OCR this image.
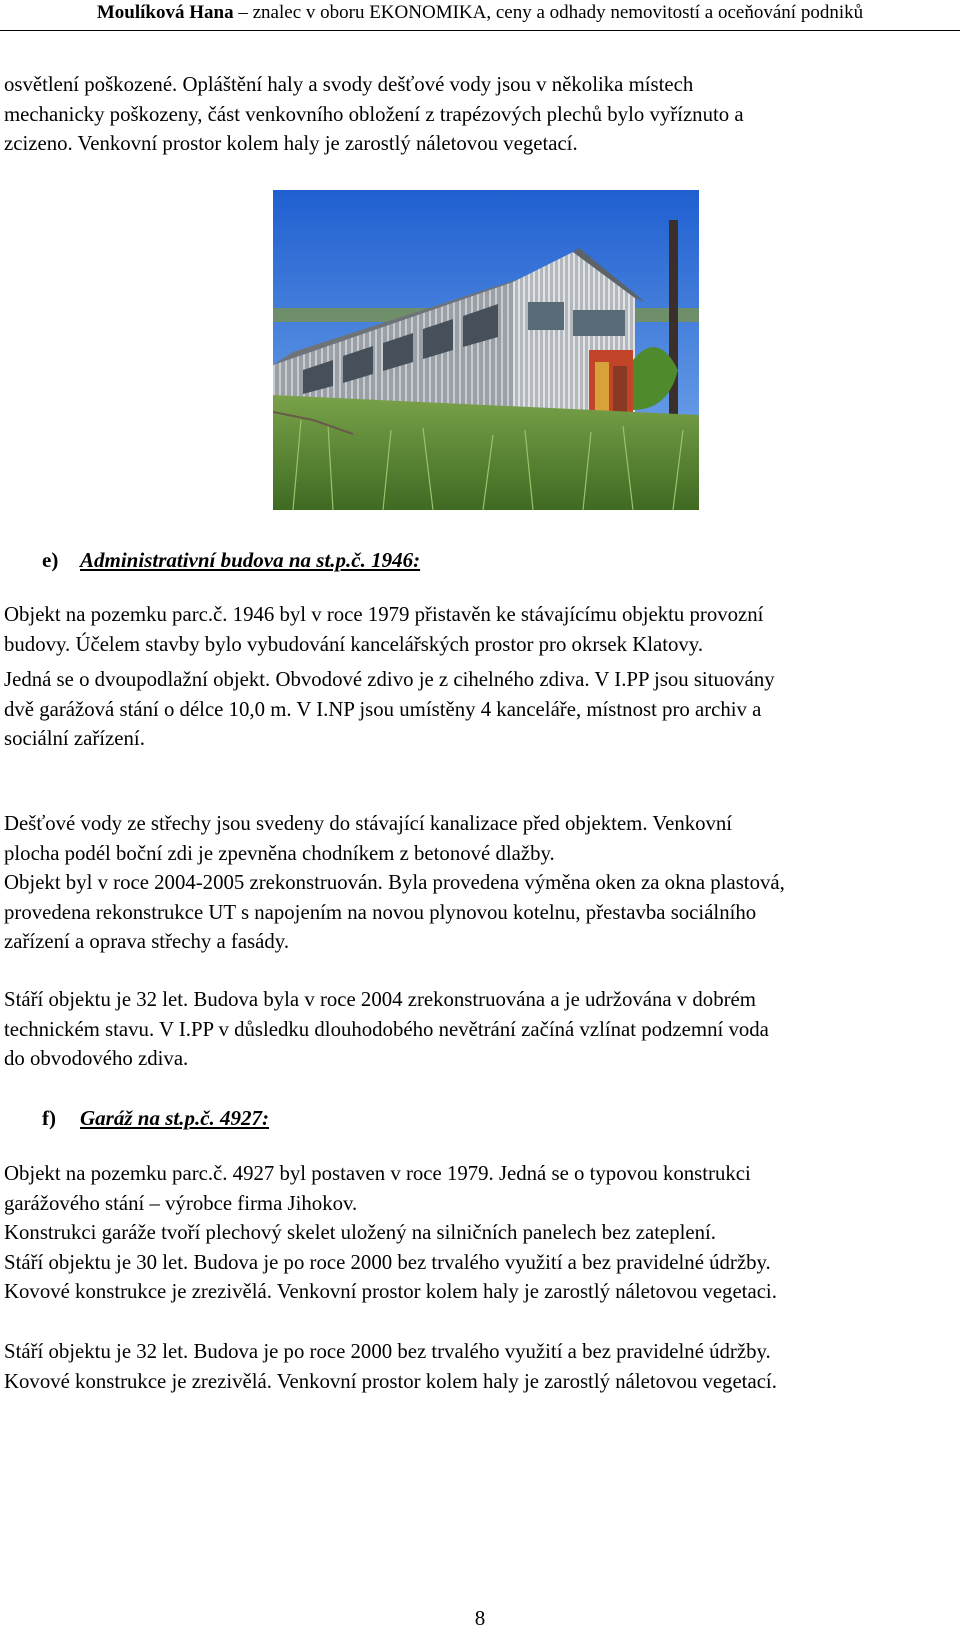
Moulíková Hana – znalec v oboru EKONOMIKA, ceny a odhady nemovitostí a oceňování podniků
osvětlení poškozené. Opláštění haly a svody dešťové vody jsou v několika místech
mechanicky poškozeny, část venkovního obložení z trapézových plechů bylo vyříznuto a
zcizeno. Venkovní prostor kolem haly je zarostlý náletovou vegetací.
e) Administrativní budova na st.p.č. 1946:
Objekt na pozemku parc.č. 1946 byl v roce 1979 přistavěn ke stávajícímu objektu provozní
budovy. Účelem stavby bylo vybudování kancelářských prostor pro okrsek Klatovy.
Jedná se o dvoupodlažní objekt. Obvodové zdivo je z cihelného zdiva. V I.PP jsou situovány
dvě garážová stání o délce 10,0 m. V I.NP jsou umístěny 4 kanceláře, místnost pro archiv a
sociální zařízení.
Dešťové vody ze střechy jsou svedeny do stávající kanalizace před objektem. Venkovní
plocha podél boční zdi je zpevněna chodníkem z betonové dlažby.
Objekt byl v roce 2004-2005 zrekonstruován. Byla provedena výměna oken za okna plastová,
provedena rekonstrukce UT s napojením na novou plynovou kotelnu, přestavba sociálního
zařízení a oprava střechy a fasády.
Stáří objektu je 32 let. Budova byla v roce 2004 zrekonstruována a je udržována v dobrém
technickém stavu. V I.PP v důsledku dlouhodobého nevětrání začíná vzlínat podzemní voda
do obvodového zdiva.
f) Garáž na st.p.č. 4927:
Objekt na pozemku parc.č. 4927 byl postaven v roce 1979. Jedná se o typovou konstrukci
garážového stání – výrobce firma Jihokov.
Konstrukci garáže tvoří plechový skelet uložený na silničních panelech bez zateplení.
Stáří objektu je 30 let. Budova je po roce 2000 bez trvalého využití a bez pravidelné údržby.
Kovové konstrukce je zrezivělá. Venkovní prostor kolem haly je zarostlý náletovou vegetaci.
Stáří objektu je 32 let. Budova je po roce 2000 bez trvalého využití a bez pravidelné údržby.
Kovové konstrukce je zrezivělá. Venkovní prostor kolem haly je zarostlý náletovou vegetací.
8
